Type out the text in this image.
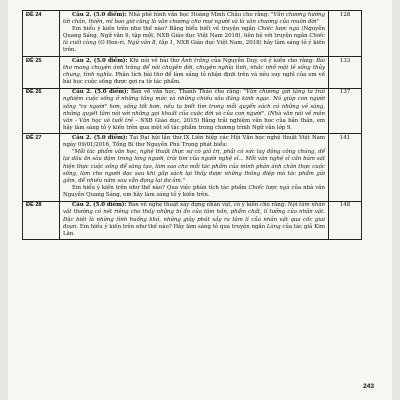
ĐỀ 24	Câu 2. (5.0 điểm): Nhà phê bình văn học Hoàng Minh Châu cho rằng: "Văn chương hướng tới chân, thiện, mĩ bao giờ cũng là văn chương cho mọi người và là văn chương của muôn đời"

Em hiểu ý kiến trên như thế nào? Bằng hiểu biết về truyện ngắn Chiếc lược ngà (Nguyễn Quang Sáng, Ngữ văn 9, tập một, NXB Giáo dục Việt Nam 2018), liên hệ với truyện ngắn Chiếc lá cuối cùng (O Hen-ri, Ngữ văn 8, tập 1, NXB Giáo dục Việt Nam, 2018) hãy làm sáng tỏ ý kiến trên.	128
ĐỀ 25	Câu 2. (5.0 điểm): Khi nói về bài thơ Ánh trăng của Nguyễn Duy, có ý kiến cho rằng: Bài thơ mang chuyện ánh trăng để nói chuyện đời, chuyện nghĩa tình, nhắc nhở một lẽ sống thủy chung, tình nghĩa. Phân tích bài thơ để làm sáng tỏ nhận định trên và nêu suy nghĩ của em về bài học cuộc sống được gợi ra từ tác phẩm.	133
ĐỀ 26	Câu 2. (5.0 điểm): Bàn về văn học, Thanh Thảo cho rằng: "Văn chương gửi tặng ta trải nghiệm cuộc sống ở những tầng mức và những chiều sâu đáng kinh ngạc. Nó giúp con người sống "ra người" hơn, sống tốt hơn, nếu ta biết tìm trong mỗi quyển sách có những vẻ sáng, những quyết tâm nói với những gọi khuất của cuộc đời và của con người". (Nhà văn nói về môn văn - Văn học và tuổi trẻ – NXB Giáo dục, 2015) Bằng trải nghiệm văn học của bản thân, em hãy làm sáng tỏ ý kiến trên qua một số tác phẩm trong chương trình Ngữ văn lớp 9.	137
ĐỀ 27	Câu 2. (5.0 điểm): Tại Đại hội lần thứ IX Liên hiệp các Hội Văn học nghệ thuật Việt Nam ngày 09/01/2016, Tổng Bí thư Nguyễn Phú Trọng phát biểu:

"Mỗi tác phẩm văn học, nghệ thuật thực sự có giá trị, phải có sức lay động công chúng, để lại dấu ấn sâu đậm trong lòng người, trái tim của người nghệ sĩ... Mỗi văn nghệ sĩ cần bám sát hiện thực cuộc sống để sáng tạo, làm sao cho mỗi tác phẩm của mình phản ánh chân thực cuộc sống, làm cho người đọc sau khi gấp sách lại thấy được những thông điệp mà tác phẩm gửi gắm, để nhiều năm sau vẫn đọng lại dư âm."

Em hiểu ý kiến trên như thế nào? Qua việc phân tích tác phẩm Chiếc lược ngà của nhà văn Nguyễn Quang Sáng, em hãy làm sáng tỏ ý kiến trên.	141
ĐỀ 28	Câu 2. (5.0 điểm): Bàn về nghệ thuật xây dựng nhân vật, có ý kiến cho rằng: Nội tâm nhân vật thường có nét riêng cho thấy những bí ẩn của tâm hồn, phẩm chất, lí tưởng của nhân vật. Đặc biệt là những tình huống khó, những giây phút xảy ra tâm lí của nhân vật qua cốc giai đoạn. Em hiểu ý kiến trên như thế nào? Hãy làm sáng tỏ qua truyện ngắn Làng của tác giả Kim Lân.	148
243
